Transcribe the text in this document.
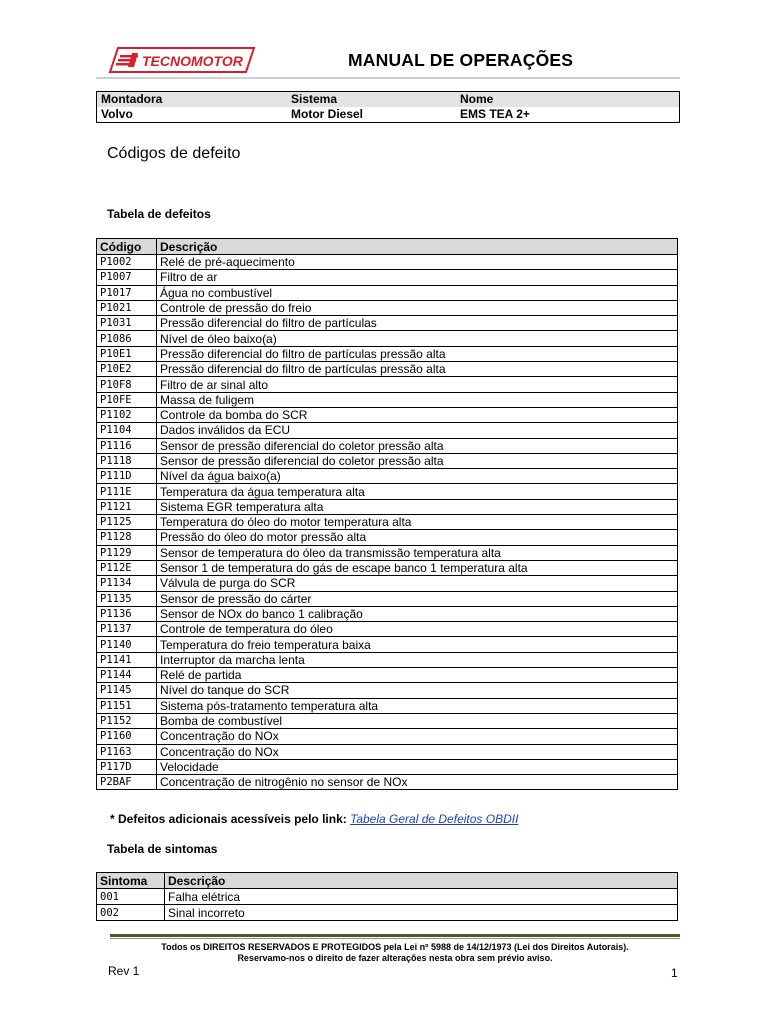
TECNOMOTOR	MANUAL DE OPERAÇÕES
Montadora	Sistema	Nome
Volvo	Motor Diesel	EMS TEA 2+
Códigos de defeito
Tabela de defeitos
Código	Descrição
P1002	Relé de pré-aquecimento
P1007	Filtro de ar
P1017	Água no combustível
P1021	Controle de pressão do freio
P1031	Pressão diferencial do filtro de partículas
P1086	Nível de óleo baixo(a)
P10E1	Pressão diferencial do filtro de partículas pressão alta
P10E2	Pressão diferencial do filtro de partículas pressão alta
P10F8	Filtro de ar sinal alto
P10FE	Massa de fuligem
P1102	Controle da bomba do SCR
P1104	Dados inválidos da ECU
P1116	Sensor de pressão diferencial do coletor pressão alta
P1118	Sensor de pressão diferencial do coletor pressão alta
P111D	Nível da água baixo(a)
P111E	Temperatura da água temperatura alta
P1121	Sistema EGR temperatura alta
P1125	Temperatura do óleo do motor temperatura alta
P1128	Pressão do óleo do motor pressão alta
P1129	Sensor de temperatura do óleo da transmissão temperatura alta
P112E	Sensor 1 de temperatura do gás de escape banco 1 temperatura alta
P1134	Válvula de purga do SCR
P1135	Sensor de pressão do cárter
P1136	Sensor de NOx do banco 1 calibração
P1137	Controle de temperatura do óleo
P1140	Temperatura do freio temperatura baixa
P1141	Interruptor da marcha lenta
P1144	Relé de partida
P1145	Nível do tanque do SCR
P1151	Sistema pós-tratamento temperatura alta
P1152	Bomba de combustível
P1160	Concentração do NOx
P1163	Concentração do NOx
P117D	Velocidade
P2BAF	Concentração de nitrogênio no sensor de NOx
* Defeitos adicionais acessíveis pelo link: Tabela Geral de Defeitos OBDII
Tabela de sintomas
Sintoma	Descrição
001	Falha elétrica
002	Sinal incorreto
Todos os DIREITOS RESERVADOS E PROTEGIDOS pela Lei nº 5988 de 14/12/1973 (Lei dos Direitos Autorais).
Reservamo-nos o direito de fazer alterações nesta obra sem prévio aviso.
Rev 1	1
